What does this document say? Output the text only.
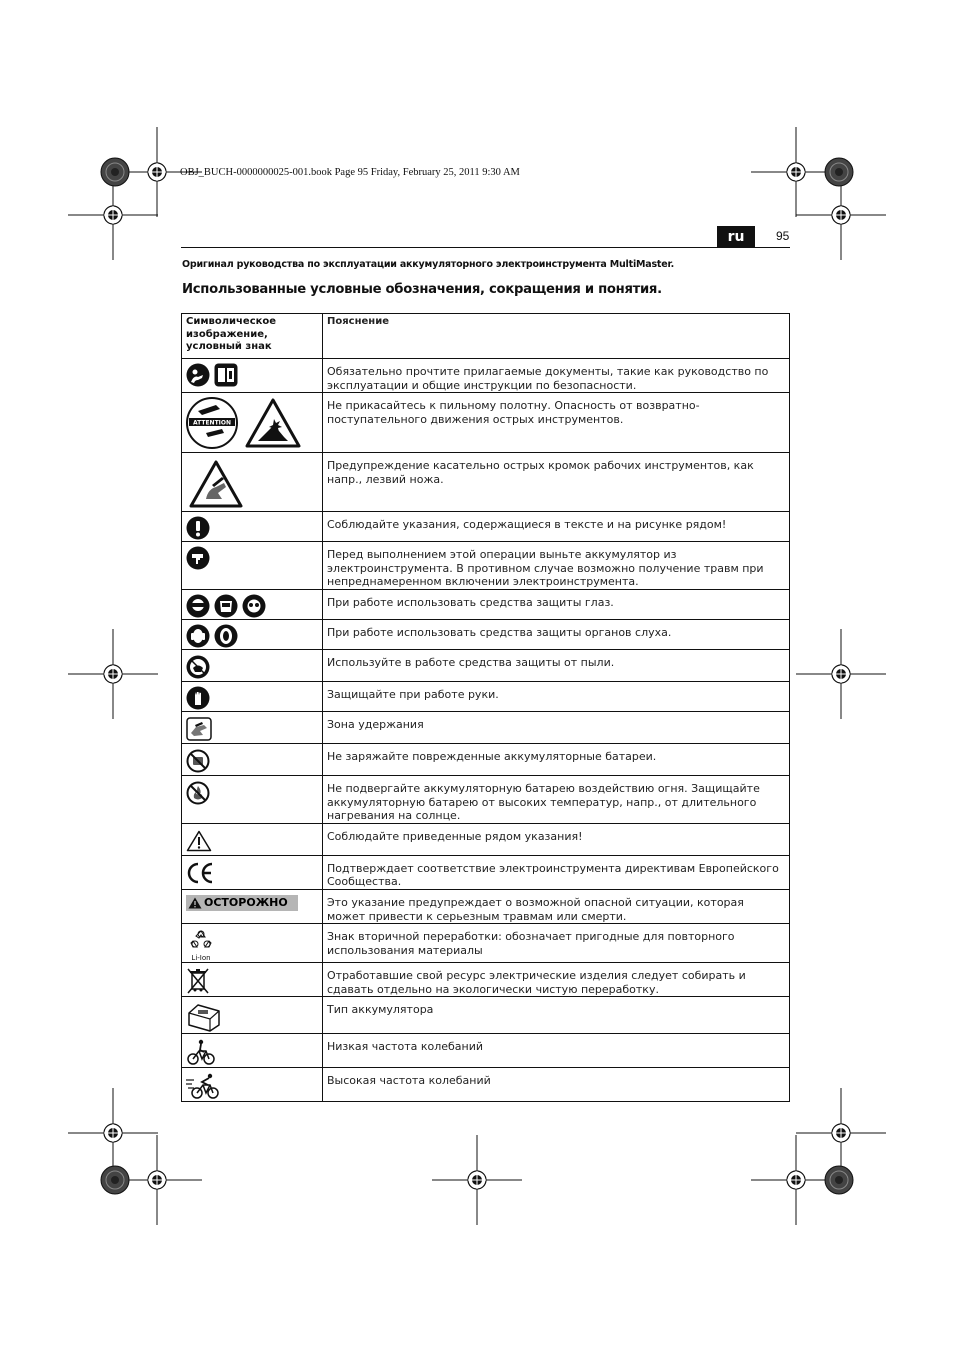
OBJ_BUCH-0000000025-001.book Page 95 Friday, February 25, 2011 9:30 AM
ru	95
Оригинал руководства по эксплуатации аккумуляторного электроинструмента MultiMaster.
Использованные условные обозначения, сокращения и понятия.
Символическое изображение, условный знак	Пояснение

	Обязательно прочтите прилагаемые документы, такие как руководство по эксплуатации и общие инструкции по безопасности.

ATTENTION	Не прикасайтесь к пильному полотну. Опасность от возвратно-поступательного движения острых инструментов.

	Предупреждение касательно острых кромок рабочих инструментов, как напр., лезвий ножа.

	Соблюдайте указания, содержащиеся в тексте и на рисунке рядом!

	Перед выполнением этой операции выньте аккумулятор из электроинструмента. В противном случае возможно получение травм при непреднамеренном включении электроинструмента.

	При работе использовать средства защиты глаз.

	При работе использовать средства защиты органов слуха.

	Используйте в работе средства защиты от пыли.

	Защищайте при работе руки.

	Зона удержания

	Не заряжайте поврежденные аккумуляторные батареи.

	Не подвергайте аккумуляторную батарею воздействию огня. Защищайте аккумуляторную батарею от высоких температур, напр., от длительного нагревания на солнце.

	Соблюдайте приведенные рядом указания!

	Подтверждает соответствие электроинструмента директивам Европейского Сообщества.

ОСТОРОЖНО	Это указание предупреждает о возможной опасной ситуации, которая может привести к серьезным травмам или смерти.

Li-Ion	Знак вторичной переработки: обозначает пригодные для повторного использования материалы

	Отработавшие свой ресурс электрические изделия следует собирать и сдавать отдельно на экологически чистую переработку.

	Тип аккумулятора

	Низкая частота колебаний

	Высокая частота колебаний
